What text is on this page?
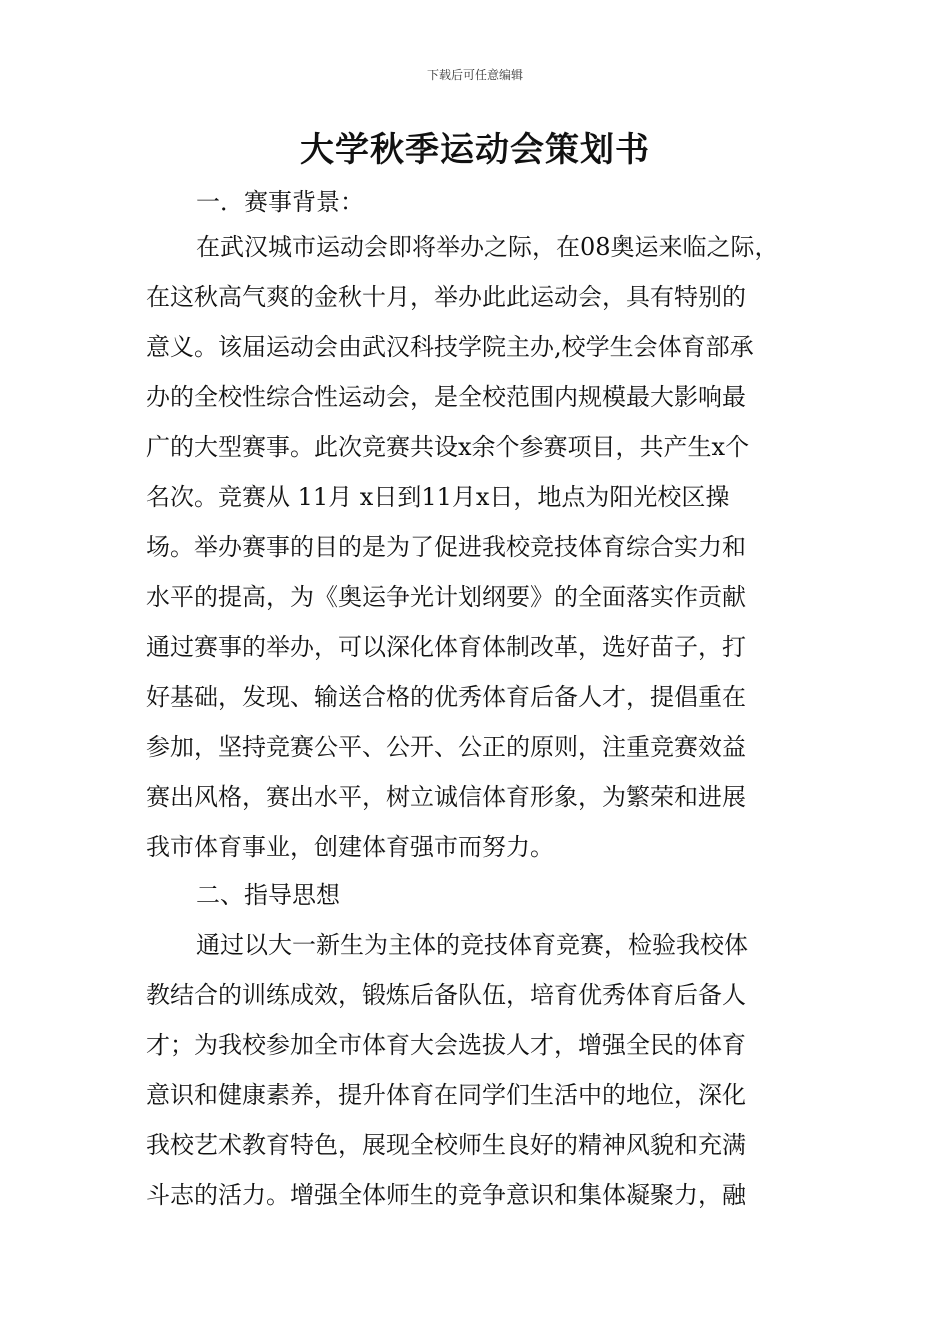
下载后可任意编辑
大学秋季运动会策划书
一．赛事背景：
在武汉城市运动会即将举办之际，在08奥运来临之际，
在这秋高气爽的金秋十月，举办此此运动会，具有特别的
意义。该届运动会由武汉科技学院主办,校学生会体育部承
办的全校性综合性运动会，是全校范围内规模最大影响最
广的大型赛事。此次竞赛共设x余个参赛项目，共产生x个
名次。竞赛从 11月 x日到11月x日，地点为阳光校区操
场。举办赛事的目的是为了促进我校竞技体育综合实力和
水平的提高，为《奥运争光计划纲要》的全面落实作贡献
通过赛事的举办，可以深化体育体制改革，选好苗子，打
好基础，发现、输送合格的优秀体育后备人才，提倡重在
参加，坚持竞赛公平、公开、公正的原则，注重竞赛效益
赛出风格，赛出水平，树立诚信体育形象，为繁荣和进展
我市体育事业，创建体育强市而努力。
二、指导思想
通过以大一新生为主体的竞技体育竞赛，检验我校体
教结合的训练成效，锻炼后备队伍，培育优秀体育后备人
才；为我校参加全市体育大会选拔人才，增强全民的体育
意识和健康素养，提升体育在同学们生活中的地位，深化
我校艺术教育特色，展现全校师生良好的精神风貌和充满
斗志的活力。增强全体师生的竞争意识和集体凝聚力，融
